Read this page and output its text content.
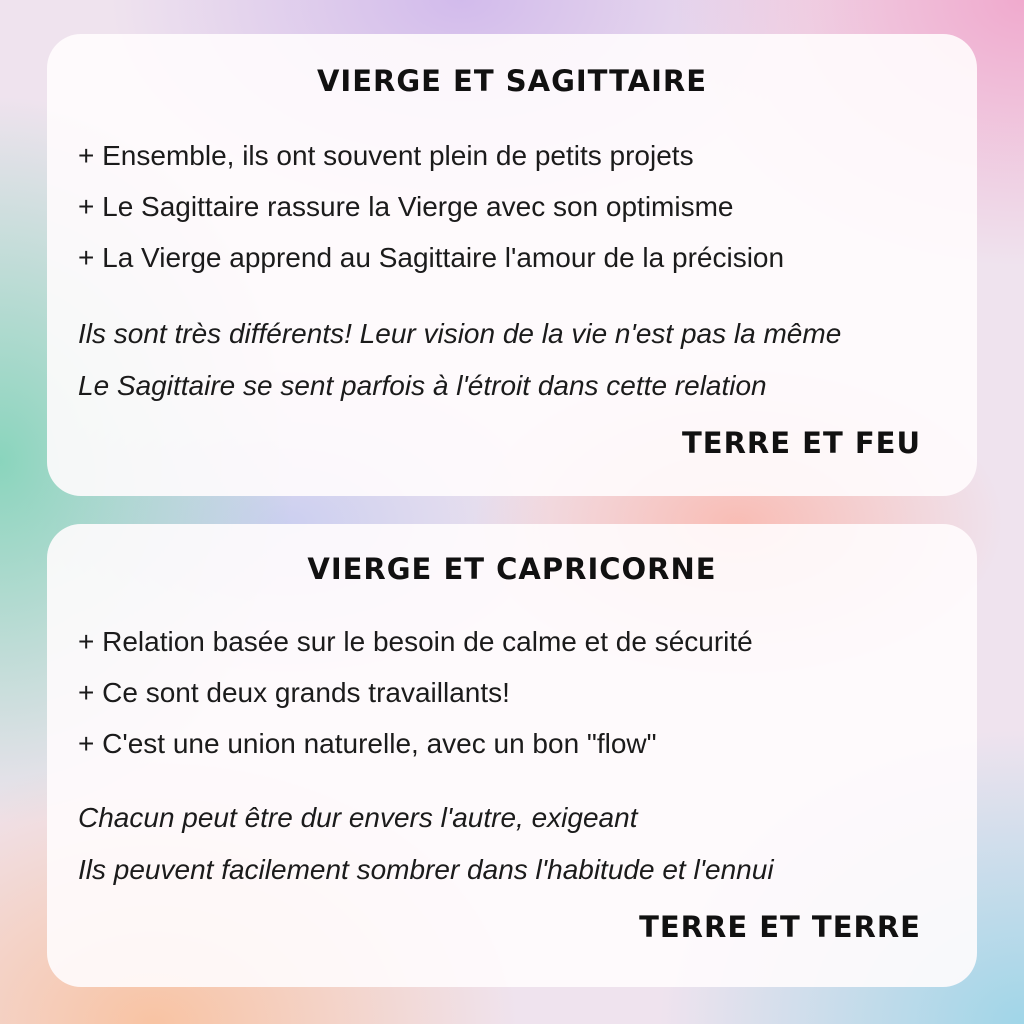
VIERGE ET SAGITTAIRE
+ Ensemble, ils ont souvent plein de petits projets
+ Le Sagittaire rassure la Vierge avec son optimisme
+ La Vierge apprend au Sagittaire l'amour de la précision
Ils sont très différents! Leur vision de la vie n'est pas la même
Le Sagittaire se sent parfois à l'étroit dans cette relation
TERRE ET FEU
VIERGE ET CAPRICORNE
+ Relation basée sur le besoin de calme et de sécurité
+ Ce sont deux grands travaillants!
+ C'est une union naturelle, avec un bon "flow"
Chacun peut être dur envers l'autre, exigeant
Ils peuvent facilement sombrer dans l'habitude et l'ennui
TERRE ET TERRE
